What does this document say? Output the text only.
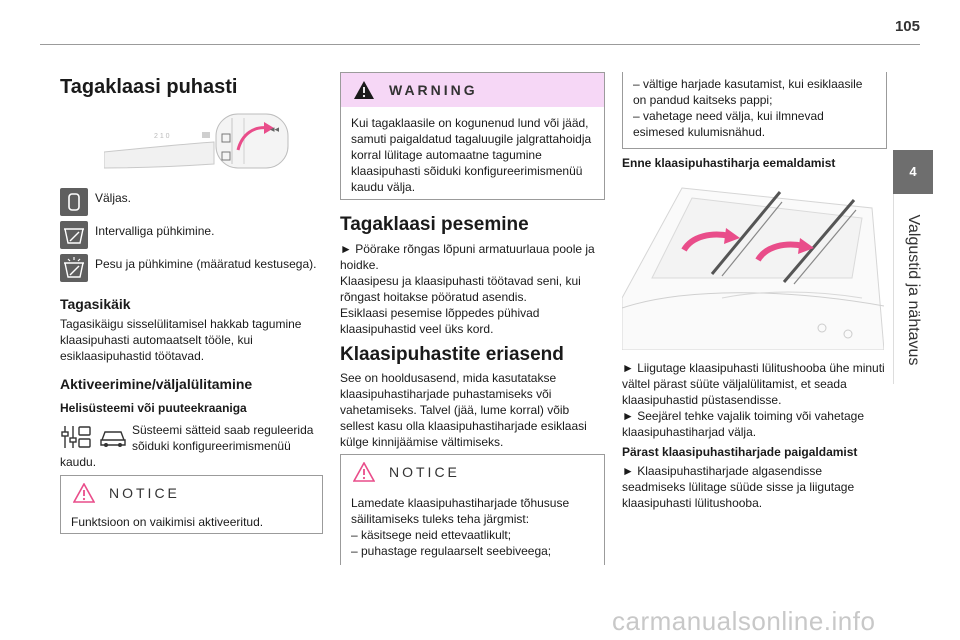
105
4
Valgustid ja nähtavus
Tagaklaasi puhasti
2 1 0
◂◂
Väljas.
Intervalliga pühkimine.
Pesu ja pühkimine (määratud kestusega).
Tagasikäik
Tagasikäigu sisselülitamisel hakkab tagumine klaasipuhasti automaatselt tööle, kui esiklaasipuhastid töötavad.
Aktiveerimine/väljalülitamine
Helisüsteemi või puuteekraaniga
Süsteemi sätteid saab reguleerida sõiduki konfigureerimismenüü
kaudu.
NOTICE
Funktsioon on vaikimisi aktiveeritud.
WARNING
Kui tagaklaasile on kogunenud lund või jääd, samuti paigaldatud tagaluugile jalgrattahoidja korral lülitage automaatne tagumine klaasipuhasti sõiduki konfigureerimismenüü kaudu välja.
Tagaklaasi pesemine
► Pöörake rõngas lõpuni armatuurlaua poole ja hoidke.
Klaasipesu ja klaasipuhasti töötavad seni, kui rõngast hoitakse pööratud asendis.
Esiklaasi pesemise lõppedes pühivad klaasipuhastid veel üks kord.
Klaasipuhastite eriasend
See on hooldusasend, mida kasutatakse klaasipuhastiharjade puhastamiseks või vahetamiseks. Talvel (jää, lume korral) võib sellest kasu olla klaasipuhastiharjade esiklaasi külge kinnijäämise vältimiseks.
NOTICE
Lamedate klaasipuhastiharjade tõhususe säilitamiseks tuleks teha järgmist:
– käsitsege neid ettevaatlikult;
– puhastage regulaarselt seebiveega;
– vältige harjade kasutamist, kui esiklaasile on pandud kaitseks pappi;
– vahetage need välja, kui ilmnevad esimesed kulumisnähud.
Enne klaasipuhastiharja eemaldamist
► Liigutage klaasipuhasti lülitushooba ühe minuti vältel pärast süüte väljalülitamist, et seada klaasipuhastid püstasendisse.
► Seejärel tehke vajalik toiming või vahetage klaasipuhastiharjad välja.
Pärast klaasipuhastiharjade paigaldamist
► Klaasipuhastiharjade algasendisse seadmiseks lülitage süüde sisse ja liigutage klaasipuhasti lülitushooba.
carmanualsonline.info
